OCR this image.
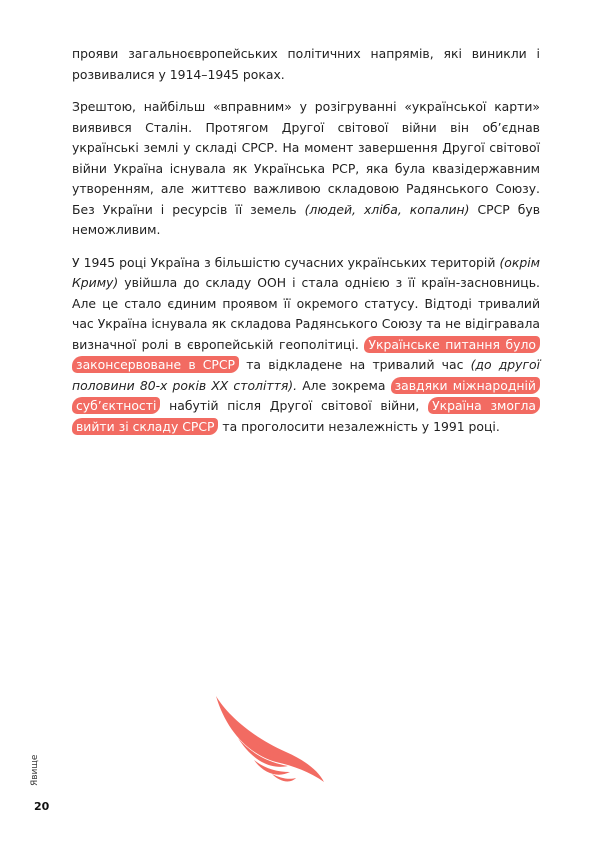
прояви загальноєвропейських політичних напрямів, які виникли і розвивалися у 1914–1945 роках.

Зрештою, найбільш «вправним» у розігруванні «української карти» виявився Сталін. Протягом Другої світової війни він об’єднав українські землі у складі СРСР. На момент завершення Другої світової війни Україна існувала як Українська РСР, яка була квазідержавним утворенням, але життєво важливою складовою Радянського Союзу. Без України і ресурсів її земель (людей, хліба, копалин) СРСР був неможливим.

У 1945 році Україна з більшістю сучасних українських територій (окрім Криму) увійшла до складу ООН і стала однією з її країн-засновниць. Але це стало єдиним проявом її окремого статусу. Відтоді тривалий час Україна існувала як складова Радянського Союзу та не відігравала визначної ролі в європейській геополітиці. Українське питання було законсервоване в СРСР та відкладене на тривалий час (до другої половини 80-х років ХХ століття). Але зокрема завдяки міжнародній суб’єктності набутій після Другої світової війни, Україна змогла вийти зі складу СРСР та проголосити незалежність у 1991 році.

Явище
20
